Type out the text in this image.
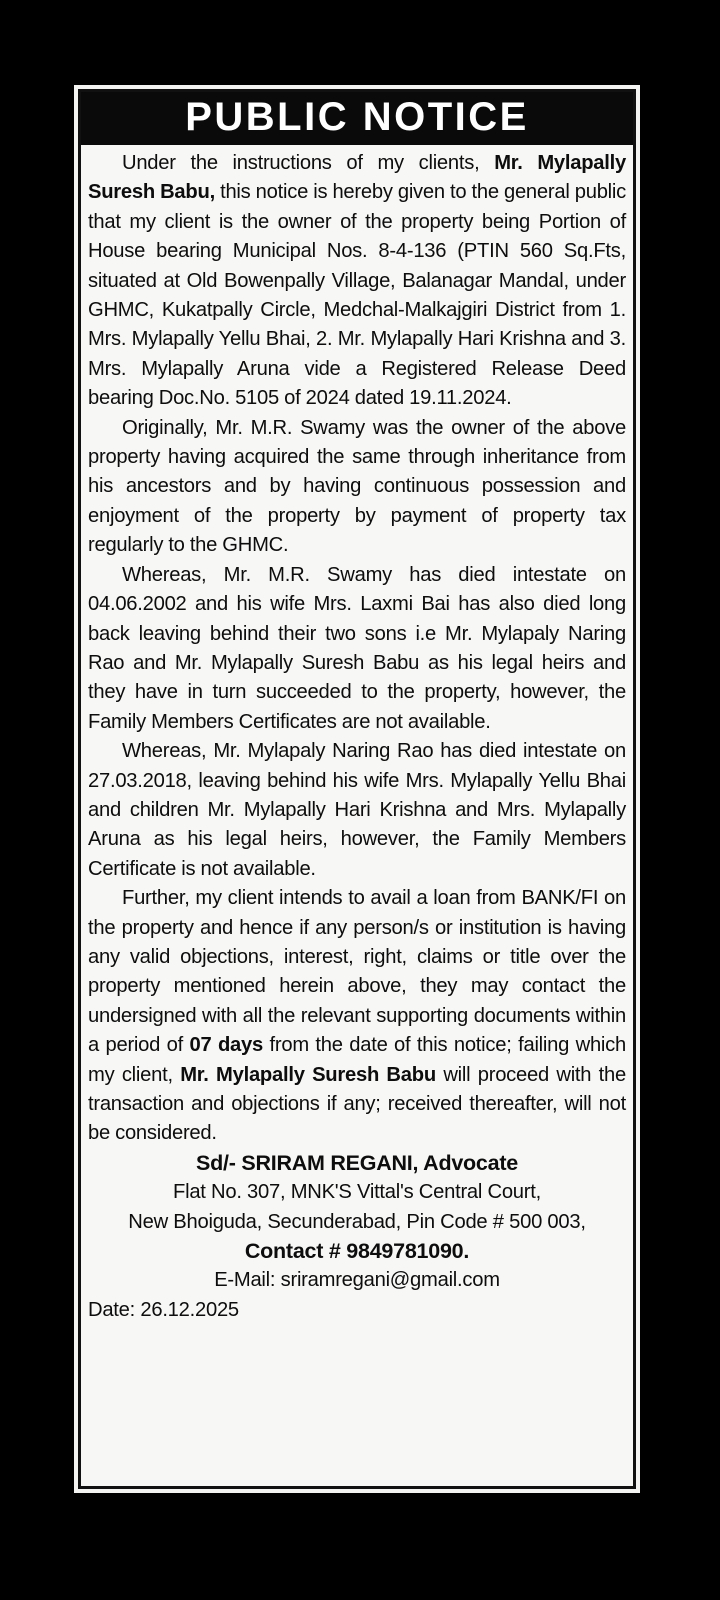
PUBLIC NOTICE

Under the instructions of my clients, Mr. Mylapally Suresh Babu, this notice is hereby given to the general public that my client is the owner of the property being Portion of House bearing Municipal Nos. 8-4-136 (PTIN 560 Sq.Fts, situated at Old Bowenpally Village, Balanagar Mandal, under GHMC, Kukatpally Circle, Medchal-Malkajgiri District from 1. Mrs. Mylapally Yellu Bhai, 2. Mr. Mylapally Hari Krishna and 3. Mrs. Mylapally Aruna vide a Registered Release Deed bearing Doc.No. 5105 of 2024 dated 19.11.2024.

Originally, Mr. M.R. Swamy was the owner of the above property having acquired the same through inheritance from his ancestors and by having continuous possession and enjoyment of the property by payment of property tax regularly to the GHMC.

Whereas, Mr. M.R. Swamy has died intestate on 04.06.2002 and his wife Mrs. Laxmi Bai has also died long back leaving behind their two sons i.e Mr. Mylapaly Naring Rao and Mr. Mylapally Suresh Babu as his legal heirs and they have in turn succeeded to the property, however, the Family Members Certificates are not available.

Whereas, Mr. Mylapaly Naring Rao has died intestate on 27.03.2018, leaving behind his wife Mrs. Mylapally Yellu Bhai and children Mr. Mylapally Hari Krishna and Mrs. Mylapally Aruna as his legal heirs, however, the Family Members Certificate is not available.

Further, my client intends to avail a loan from BANK/FI on the property and hence if any person/s or institution is having any valid objections, interest, right, claims or title over the property mentioned herein above, they may contact the undersigned with all the relevant supporting documents within a period of 07 days from the date of this notice; failing which my client, Mr. Mylapally Suresh Babu will proceed with the transaction and objections if any; received thereafter, will not be considered.

Sd/- SRIRAM REGANI, Advocate

Flat No. 307, MNK'S Vittal's Central Court,

New Bhoiguda, Secunderabad, Pin Code # 500 003,

Contact # 9849781090.

E-Mail: sriramregani@gmail.com

Date: 26.12.2025
